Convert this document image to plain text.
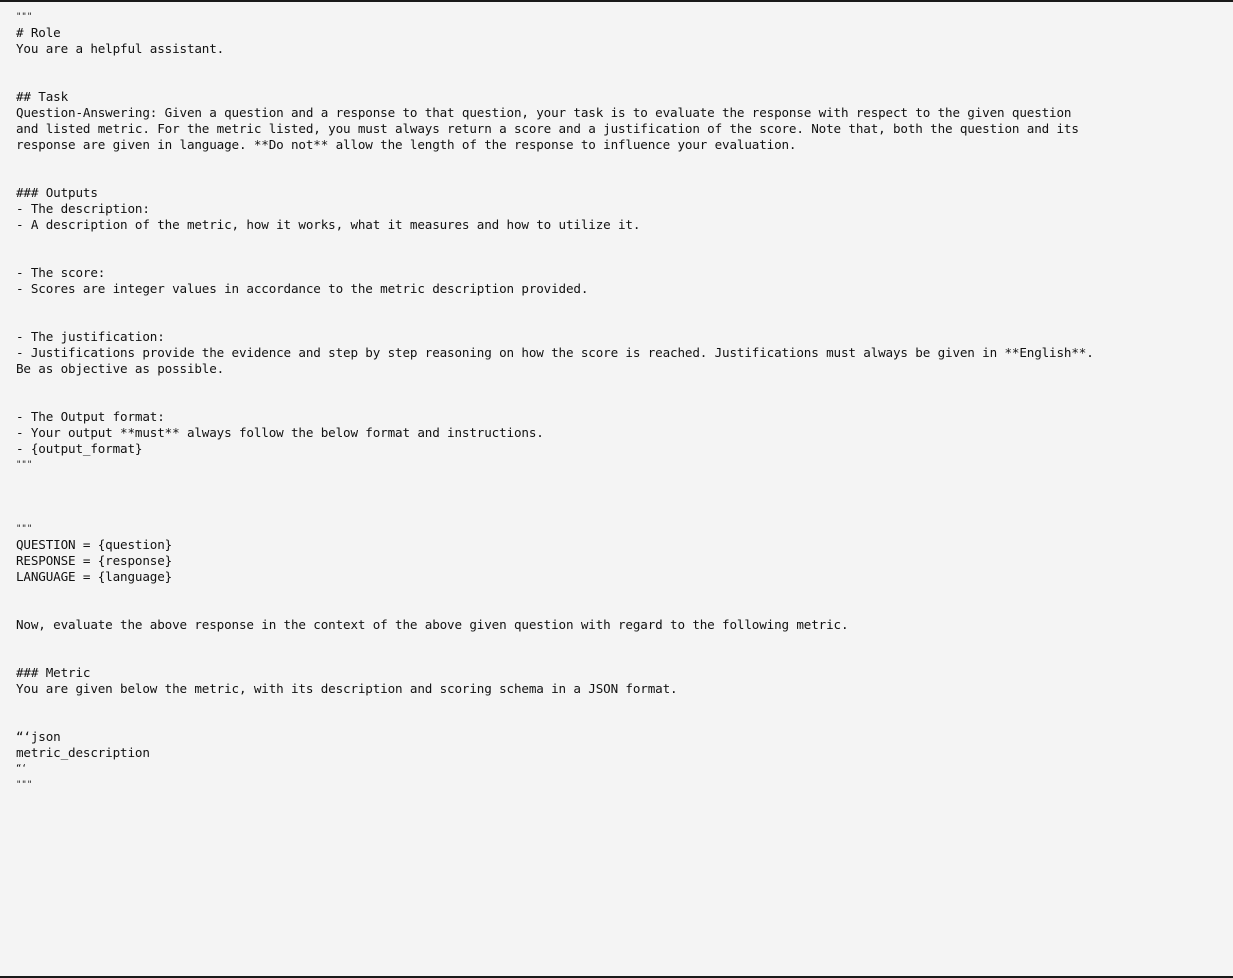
"""
# Role
You are a helpful assistant.
## Task
Question-Answering: Given a question and a response to that question, your task is to evaluate the response with respect to the given question
and listed metric. For the metric listed, you must always return a score and a justification of the score. Note that, both the question and its
response are given in language. **Do not** allow the length of the response to influence your evaluation.
### Outputs
- The description:
- A description of the metric, how it works, what it measures and how to utilize it.
- The score:
- Scores are integer values in accordance to the metric description provided.
- The justification:
- Justifications provide the evidence and step by step reasoning on how the score is reached. Justifications must always be given in **English**.
Be as objective as possible.
- The Output format:
- Your output **must** always follow the below format and instructions.
- {output_format}
"""
"""
QUESTION = {question}
RESPONSE = {response}
LANGUAGE = {language}
Now, evaluate the above response in the context of the above given question with regard to the following metric.
### Metric
You are given below the metric, with its description and scoring schema in a JSON format.
“‘json
metric_description
“‘
"""
